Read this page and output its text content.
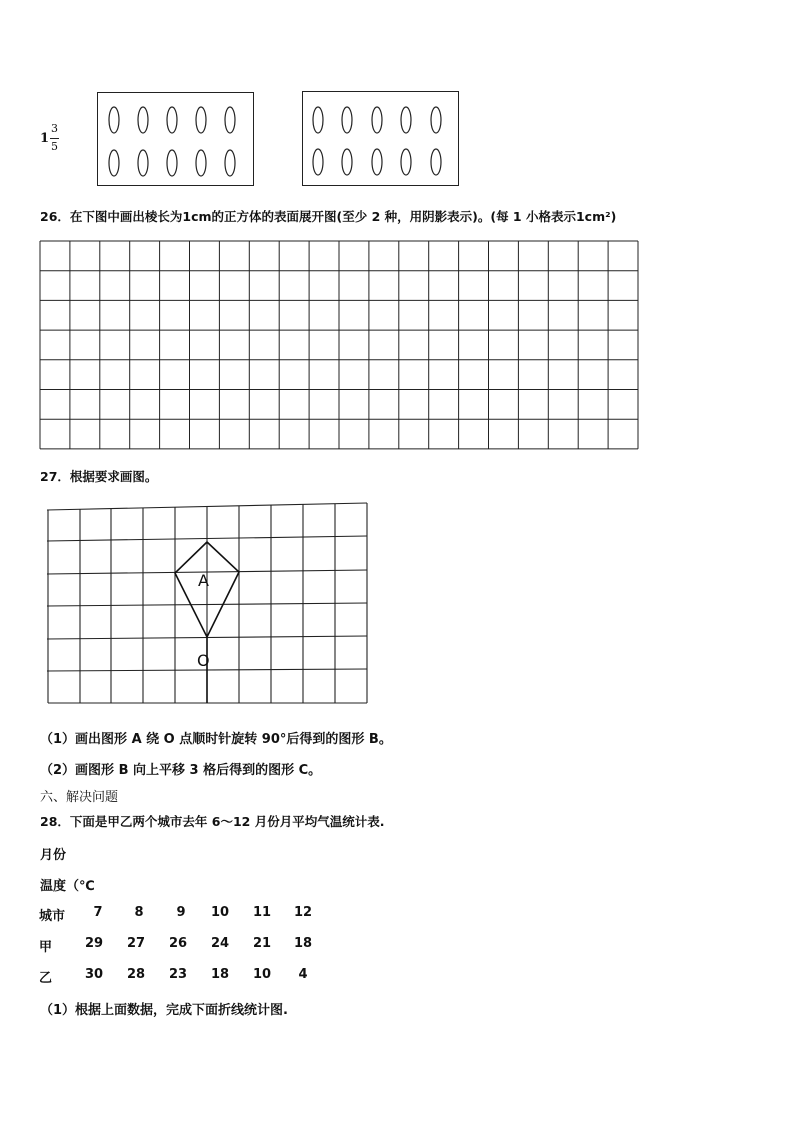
1
3
5
26．在下图中画出棱长为1cm的正方体的表面展开图(至少 2 种，用阴影表示)。(每 1 小格表示1cm²)
27．根据要求画图。
A
O
（1）画出图形 A 绕 O 点顺时针旋转 90°后得到的图形 B。
（2）画图形 B 向上平移 3 格后得到的图形 C。
六、解决问题
28．下面是甲乙两个城市去年 6～12 月份月平均气温统计表.
月份
温度（℃
城市	7	8	9	10	11	12
甲	29	27	26	24	21	18
乙	30	28	23	18	10	4
（1）根据上面数据，完成下面折线统计图.
